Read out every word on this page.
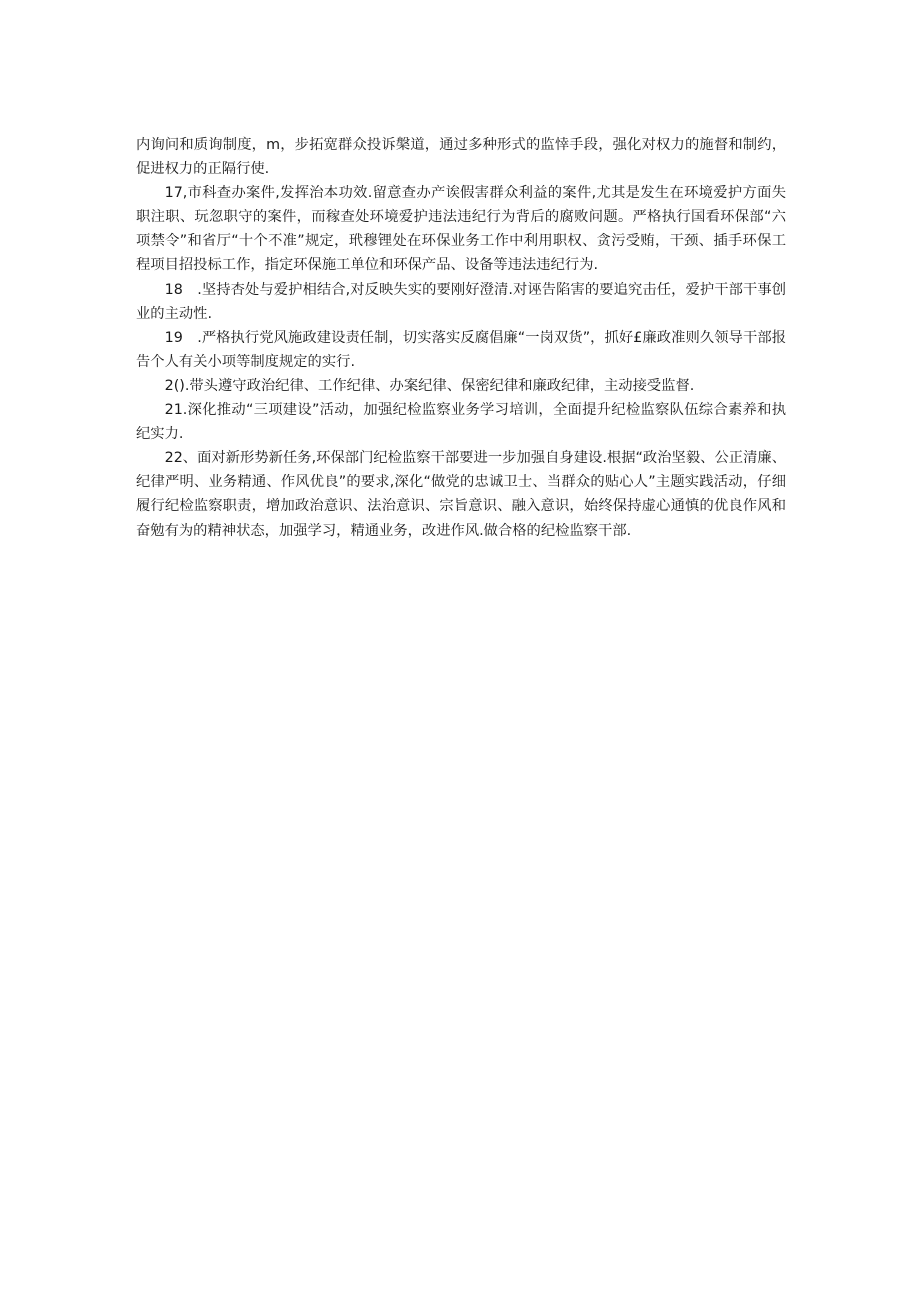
内询问和质询制度，m，步拓宽群众投诉槃道，通过多种形式的监悻手段，强化对权力的施督和制约，促进权力的正隔行使.

17,市科查办案件,发挥治本功效.留意查办产诶假害群众利益的案件,尤其是发生在环境爱护方面失职注职、玩忽职守的案件，而稼查处环境爱护违法违纪行为背后的腐败问题。严格执行国看环保部“六项禁令”和省厅“十个不准”规定，玳穆锂处在环保业务工作中利用职权、贪污受贿，干颈、插手环保工程项目招投标工作，指定环保施工单位和环保产品、设备等违法违纪行为.

18　.坚持杏处与爱护相结合,对反映失实的要刚好澄清.对诬告陷害的要追究击任，爱护干部干事创业的主动性.

19　.严格执行党风施政建设责任制，切实落实反腐倡廉“一岗双货”，抓好£廉政准则久领导干部报告个人有关小项等制度规定的实行.

2().带头遵守政治纪律、工作纪律、办案纪律、保密纪律和廉政纪律，主动接受监督.

21.深化推动“三项建设”活动，加强纪检监察业务学习培训，全面提升纪检监察队伍综合素养和执纪实力.

22、面对新形势新任务,环保部门纪检监察干部要进一步加强自身建设.根据“政治坚毅、公正清廉、纪律严明、业务精通、作风优良”的要求,深化“做党的忠诚卫士、当群众的贴心人”主题实践活动，仔细履行纪检监察职责，增加政治意识、法治意识、宗旨意识、融入意识，始终保持虚心通慎的优良作风和奋勉有为的精神状态，加强学习，精通业务，改进作风.做合格的纪检监察干部.
